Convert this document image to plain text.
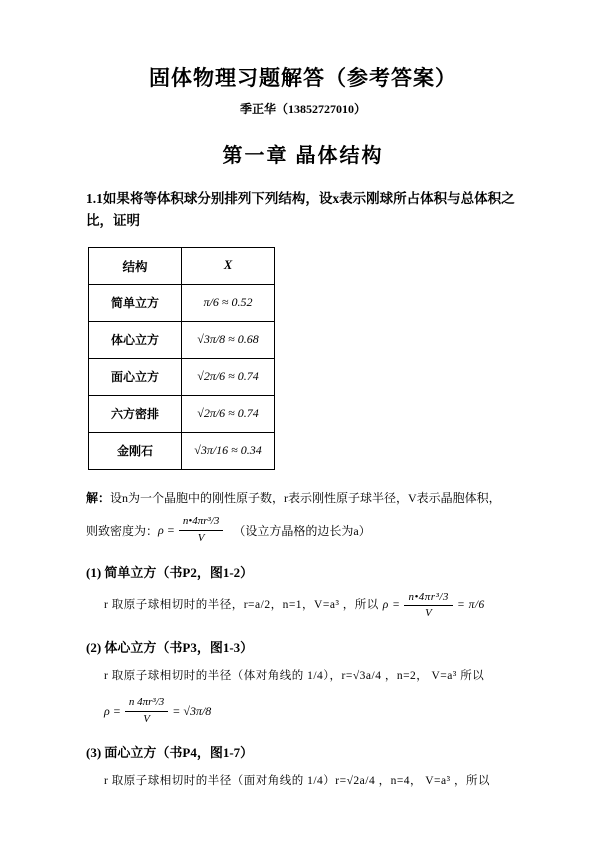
固体物理习题解答（参考答案）
季正华（13852727010）
第一章 晶体结构

1.1如果将等体积球分别排列下列结构，设x表示刚球所占体积与总体积之比，证明

结构	X
简单立方	π/6 ≈ 0.52
体心立方	√3π/8 ≈ 0.68
面心立方	√2π/6 ≈ 0.74
六方密排	√2π/6 ≈ 0.74
金刚石	√3π/16 ≈ 0.34

解：设n为一个晶胞中的刚性原子数，r表示刚性原子球半径，V表示晶胞体积，

则致密度为： $\rho = \frac{\text{n•4πr³/3}}{V}$ （设立方晶格的边长为a）
(1) 简单立方（书P2，图1-2）
r 取原子球相切时的半径，r=a/2，n=1，V=a³ ，所以 $\rho = \frac{\text{n•4πr³/3}}{V} = \pi/6$
(2) 体心立方（书P3，图1-3）
r 取原子球相切时的半径（体对角线的 1/4），r=√3a/4 ，n=2， V=a³ 所以
$\rho = \frac{\text{n 4πr³/3}}{V} = √3\pi/8$
(3) 面心立方（书P4，图1-7）
r 取原子球相切时的半径（面对角线的 1/4）r=√2a/4 ，n=4， V=a³ ，所以
